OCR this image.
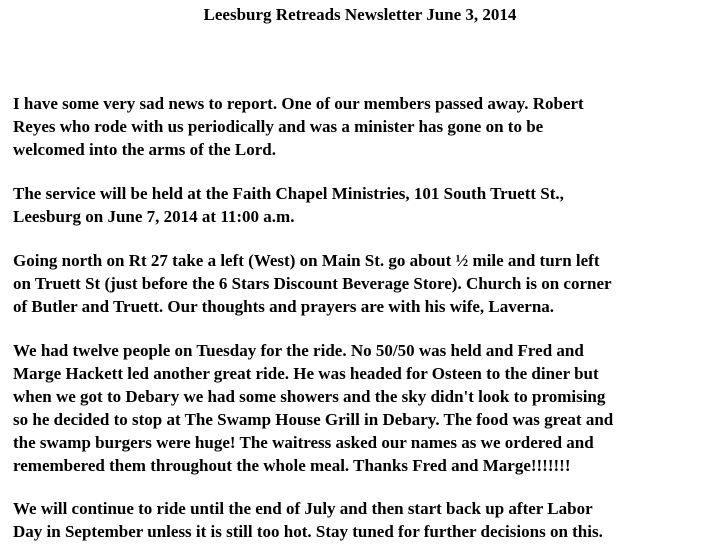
Leesburg Retreads Newsletter June 3, 2014

I have some very sad news to report. One of our members passed away. Robert
Reyes who rode with us periodically and was a minister has gone on to be
welcomed into the arms of the Lord.

The service will be held at the Faith Chapel Ministries, 101 South Truett St.,
Leesburg on June 7, 2014 at 11:00 a.m.

Going north on Rt 27 take a left (West) on Main St. go about ½ mile and turn left
on Truett St (just before the 6 Stars Discount Beverage Store). Church is on corner
of Butler and Truett. Our thoughts and prayers are with his wife, Laverna.

We had twelve people on Tuesday for the ride. No 50/50 was held and Fred and
Marge Hackett led another great ride. He was headed for Osteen to the diner but
when we got to Debary we had some showers and the sky didn't look to promising
so he decided to stop at The Swamp House Grill in Debary. The food was great and
the swamp burgers were huge! The waitress asked our names as we ordered and
remembered them throughout the whole meal. Thanks Fred and Marge!!!!!!!

We will continue to ride until the end of July and then start back up after Labor
Day in September unless it is still too hot. Stay tuned for further decisions on this.
